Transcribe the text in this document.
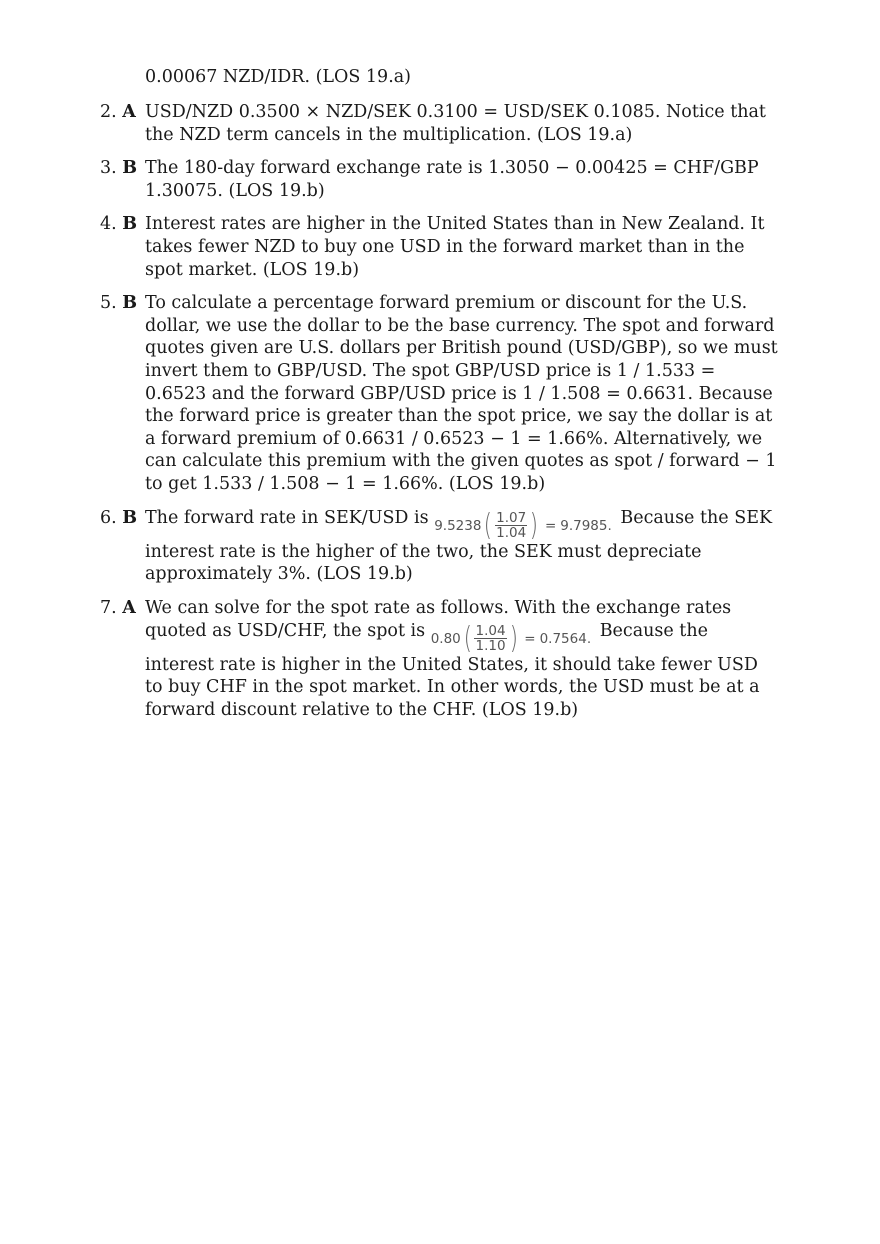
0.00067 NZD/IDR. (LOS 19.a)
2. A USD/NZD 0.3500 × NZD/SEK 0.3100 = USD/SEK 0.1085. Notice that the NZD term cancels in the multiplication. (LOS 19.a)
3. B The 180-day forward exchange rate is 1.3050 − 0.00425 = CHF/GBP 1.30075. (LOS 19.b)
4. B Interest rates are higher in the United States than in New Zealand. It takes fewer NZD to buy one USD in the forward market than in the spot market. (LOS 19.b)
5. B To calculate a percentage forward premium or discount for the U.S. dollar, we use the dollar to be the base currency. The spot and forward quotes given are U.S. dollars per British pound (USD/GBP), so we must invert them to GBP/USD. The spot GBP/USD price is 1 / 1.533 = 0.6523 and the forward GBP/USD price is 1 / 1.508 = 0.6631. Because the forward price is greater than the spot price, we say the dollar is at a forward premium of 0.6631 / 0.6523 − 1 = 1.66%. Alternatively, we can calculate this premium with the given quotes as spot / forward − 1 to get 1.533 / 1.508 − 1 = 1.66%. (LOS 19.b)
6. B The forward rate in SEK/USD is 9.5238 ( $\frac{1.07}{1.04}$ ) = 9.7985. Because the SEK interest rate is the higher of the two, the SEK must depreciate approximately 3%. (LOS 19.b)
7. A We can solve for the spot rate as follows. With the exchange rates quoted as USD/CHF, the spot is 0.80 ( $\frac{1.04}{1.10}$ ) = 0.7564. Because the interest rate is higher in the United States, it should take fewer USD to buy CHF in the spot market. In other words, the USD must be at a forward discount relative to the CHF. (LOS 19.b)
